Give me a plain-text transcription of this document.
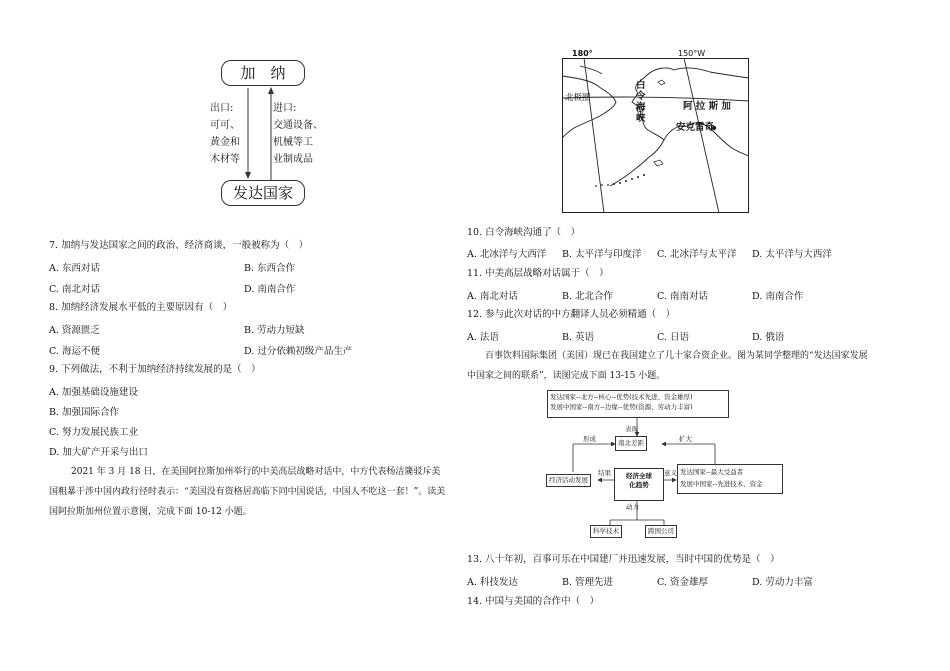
加　纳
出口:
可可、
黄金和
木材等
进口:
交通设备、
机械等工
业制成品
发达国家
7. 加纳与发达国家之间的政治、经济商谈，一般被称为（　）
A. 东西对话	B. 东西合作
C. 南北对话	D. 南南合作
8. 加纳经济发展水平低的主要原因有（　）
A. 资源匮乏	B. 劳动力短缺
C. 海运不便	D. 过分依赖初级产品生产
9. 下列做法，不利于加纳经济持续发展的是（　）
A. 加强基础设施建设
B. 加强国际合作
C. 努力发展民族工业
D. 加大矿产开采与出口
2021 年 3 月 18 日，在美国阿拉斯加州举行的中美高层战略对话中，中方代表杨洁篪驳斥美国粗暴干涉中国内政行径时表示：“美国没有资格居高临下同中国说话，中国人不吃这一套！”。读美国阿拉斯加州位置示意图，完成下面 10-12 小题。
180°	150°W
北极圈
白
令
海
峡
阿 拉 斯 加
安克雷奇
10. 白令海峡沟通了（　）
A. 北冰洋与大西洋 B. 太平洋与印度洋 C. 北冰洋与太平洋 D. 太平洋与大西洋
11. 中美高层战略对话属于（　）
A. 南北对话	B. 北北合作	C. 南南对话	D. 南南合作
12. 参与此次对话的中方翻译人员必须精通（　）
A. 法语	B. 英语	C. 日语	D. 俄语
百事饮料国际集团（美国）现已在我国建立了几十家合资企业。图为某同学整理的“发达国家发展中国家之间的联系”，读图完成下面 13-15 小题。
发达国家--北方--核心--优势(技术先进、资金雄厚)
发展中国家--南方--边缘--优势(资源、劳动力丰富)
表现
形成	扩大
南北差距
结果	意义
经济全球
化趋势
经济活动发展
发达国家--最大受益者
发展中国家--先进技术、资金
动力
科学技术	跨国公司
13. 八十年初，百事可乐在中国建厂并迅速发展，当时中国的优势是（　）
A. 科技发达	B. 管理先进	C. 资金雄厚	D. 劳动力丰富
14. 中国与美国的合作中（　）
